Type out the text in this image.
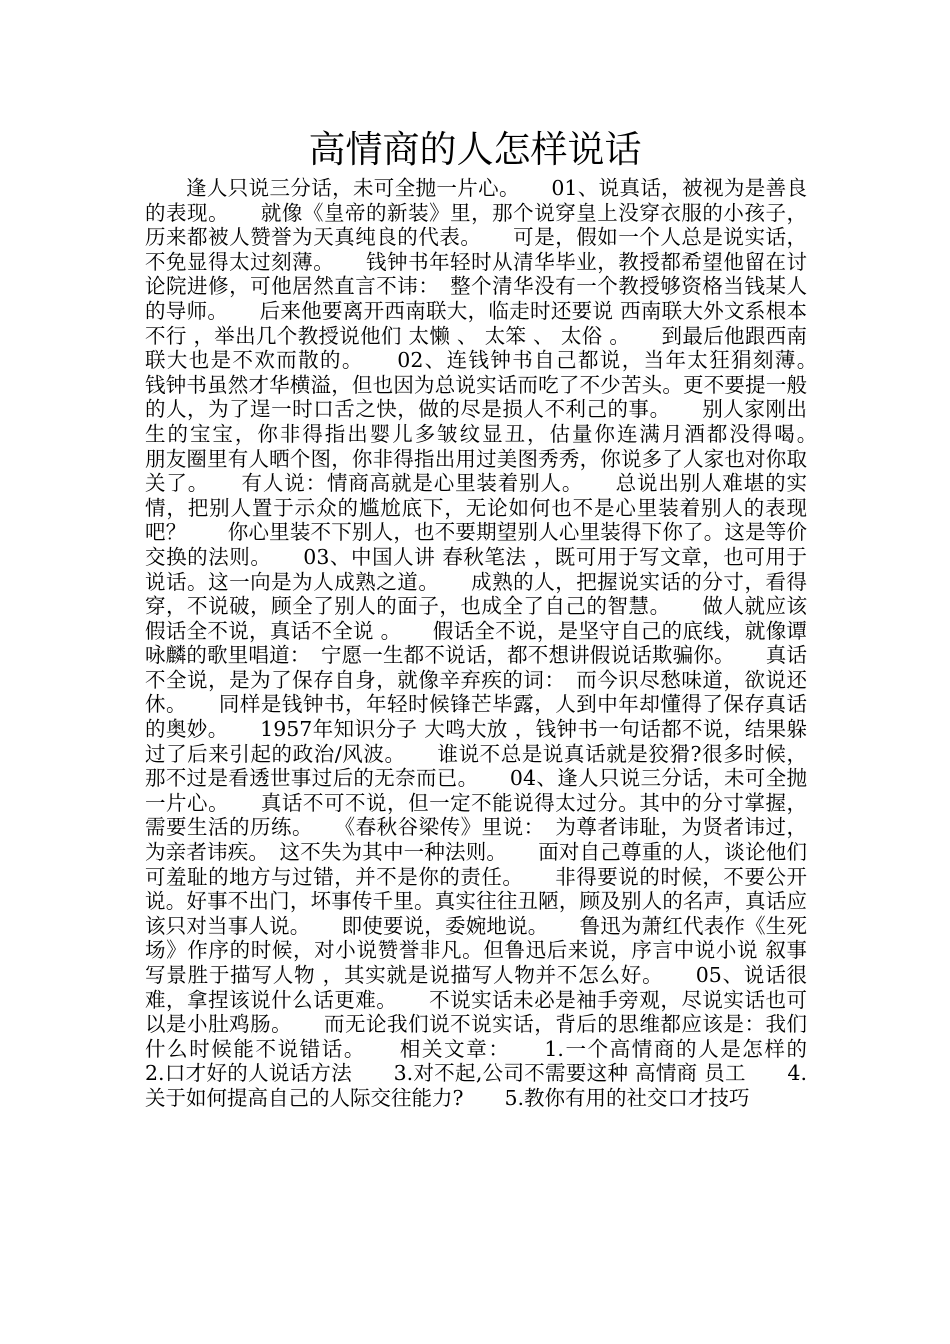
高情商的人怎样说话

逢人只说三分话，未可全抛一片心。　　01、说真话，被视为是善良的表现。　　就像《皇帝的新装》里，那个说穿皇上没穿衣服的小孩子，历来都被人赞誉为天真纯良的代表。　　可是，假如一个人总是说实话，不免显得太过刻薄。　　钱钟书年轻时从清华毕业，教授都希望他留在讨论院进修，可他居然直言不讳：　整个清华没有一个教授够资格当钱某人的导师。　　后来他要离开西南联大，临走时还要说 西南联大外文系根本不行 ，举出几个教授说他们 太懒 、 太笨 、 太俗 。　　到最后他跟西南联大也是不欢而散的。　　02、连钱钟书自己都说，当年太狂狷刻薄。　　钱钟书虽然才华横溢，但也因为总说实话而吃了不少苦头。更不要提一般的人，为了逞一时口舌之快，做的尽是损人不利己的事。　　别人家刚出生的宝宝，你非得指出婴儿多皱纹显丑，估量你连满月酒都没得喝。　　朋友圈里有人晒个图，你非得指出用过美图秀秀，你说多了人家也对你取关了。　　有人说：情商高就是心里装着别人。　　总说出别人难堪的实情，把别人置于示众的尴尬底下，无论如何也不是心里装着别人的表现吧？　　你心里装不下别人，也不要期望别人心里装得下你了。这是等价交换的法则。　　03、中国人讲 春秋笔法 ，既可用于写文章，也可用于说话。这一向是为人成熟之道。　　成熟的人，把握说实话的分寸，看得穿，不说破，顾全了别人的面子，也成全了自己的智慧。　　做人就应该 假话全不说，真话不全说 。　　假话全不说，是坚守自己的底线，就像谭咏麟的歌里唱道：　宁愿一生都不说话，都不想讲假说话欺骗你。　　真话不全说，是为了保存自身，就像辛弃疾的词：　而今识尽愁味道，欲说还休。　　同样是钱钟书，年轻时候锋芒毕露，人到中年却懂得了保存真话的奥妙。　　1957年知识分子 大鸣大放 ，钱钟书一句话都不说，结果躲过了后来引起的政治/风波。　　谁说不总是说真话就是狡猾?很多时候，那不过是看透世事过后的无奈而已。　　04、逢人只说三分话，未可全抛一片心。　　真话不可不说，但一定不能说得太过分。其中的分寸掌握，需要生活的历练。　　《春秋谷梁传》里说：　为尊者讳耻，为贤者讳过，为亲者讳疾。　这不失为其中一种法则。　　面对自己尊重的人，谈论他们可羞耻的地方与过错，并不是你的责任。　　非得要说的时候，不要公开说。好事不出门，坏事传千里。真实往往丑陋，顾及别人的名声，真话应该只对当事人说。　　即使要说，委婉地说。　　鲁迅为萧红代表作《生死场》作序的时候，对小说赞誉非凡。但鲁迅后来说，序言中说小说 叙事写景胜于描写人物 ，其实就是说描写人物并不怎么好。　　05、说话很难，拿捏该说什么话更难。　　不说实话未必是袖手旁观，尽说实话也可以是小肚鸡肠。　　而无论我们说不说实话，背后的思维都应该是：我们什么时候能不说错话。　　相关文章：　　1.一个高情商的人是怎样的　　2.口才好的人说话方法　　3.对不起,公司不需要这种 高情商 员工　　4.关于如何提高自己的人际交往能力?　　5.教你有用的社交口才技巧
